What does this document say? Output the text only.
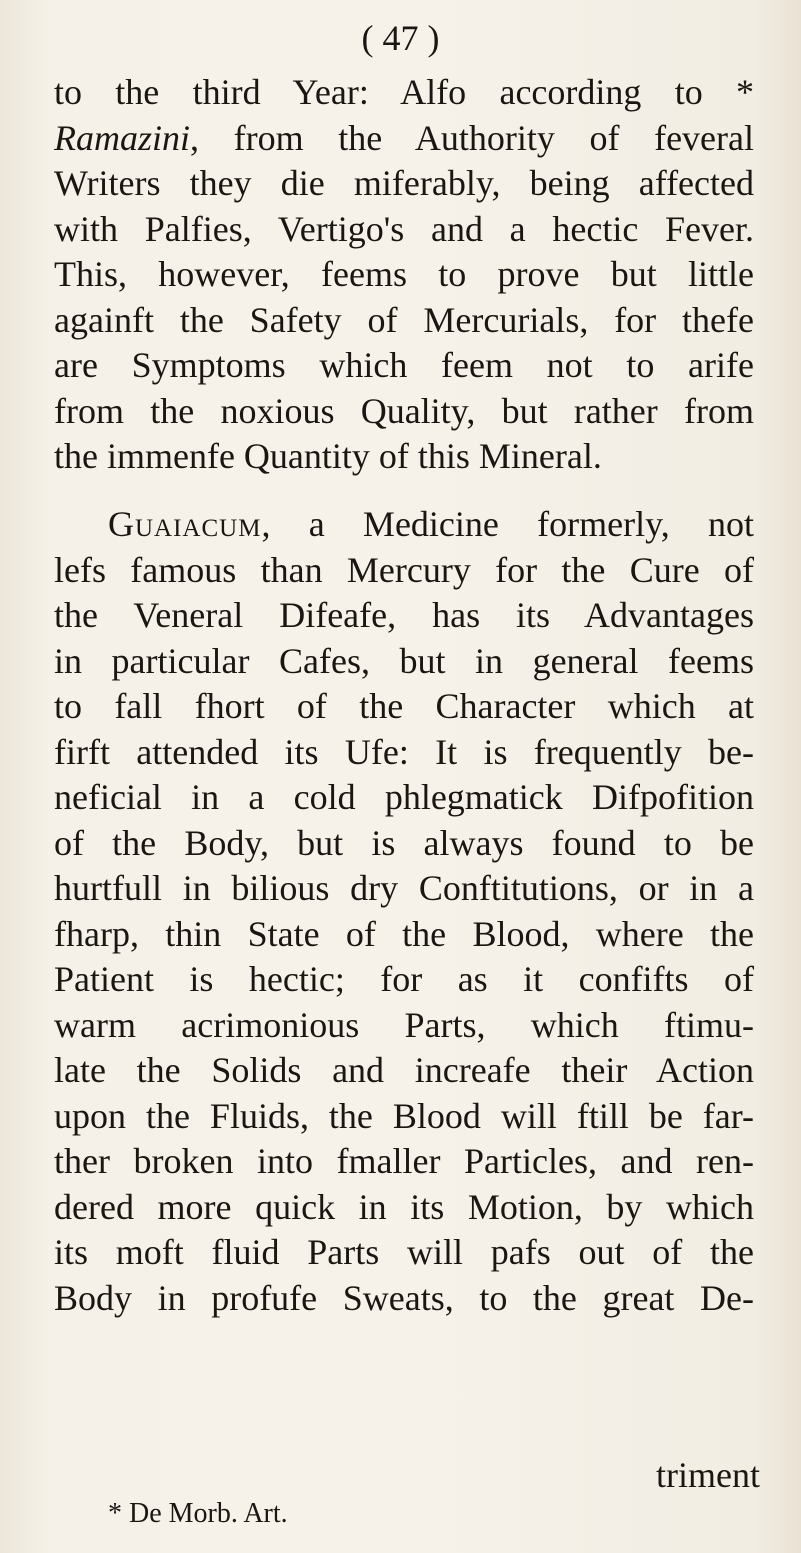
( 47 )
to the third Year: Alfo according to *
Ramazini, from the Authority of feveral
Writers they die miferably, being affected
with Palfies, Vertigo's and a hectic Fever.
This, however, feems to prove but little
againft the Safety of Mercurials, for thefe
are Symptoms which feem not to arife
from the noxious Quality, but rather from
the immenfe Quantity of this Mineral.
Guaiacum, a Medicine formerly, not
lefs famous than Mercury for the Cure of
the Veneral Difeafe, has its Advantages
in particular Cafes, but in general feems
to fall fhort of the Character which at
firft attended its Ufe: It is frequently be-
neficial in a cold phlegmatick Difpofition
of the Body, but is always found to be
hurtfull in bilious dry Conftitutions, or in a
fharp, thin State of the Blood, where the
Patient is hectic; for as it confifts of
warm acrimonious Parts, which ftimu-
late the Solids and increafe their Action
upon the Fluids, the Blood will ftill be far-
ther broken into fmaller Particles, and ren-
dered more quick in its Motion, by which
its moft fluid Parts will pafs out of the
Body in profufe Sweats, to the great De-
triment
* De Morb. Art.
